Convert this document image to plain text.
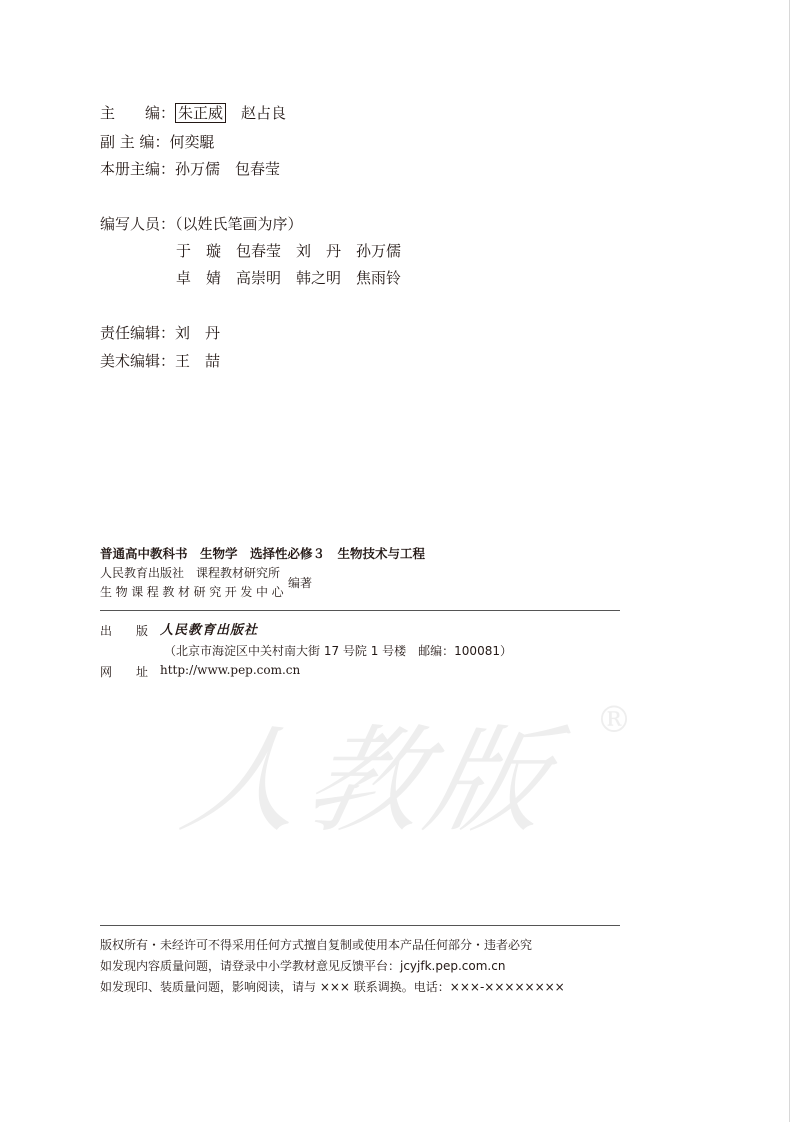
主　　编： 朱正威　 赵占良
副 主 编：何奕騉
本册主编：孙万儒　包春莹
编写人员：（以姓氏笔画为序）
于　璇　包春莹　刘　丹　孙万儒
卓　婧　高崇明　韩之明　焦雨铃
责任编辑：刘　丹
美术编辑：王　喆
普通高中教科书　生物学　选择性必修３　生物技术与工程
人民教育出版社　课程教材研究所
生物课程教材研究开发中心
编著
出　　版 人民教育出版社
（北京市海淀区中关村南大街 17 号院 1 号楼　邮编：100081）
网　　址 http://www.pep.com.cn
人教版 ®
版权所有・未经许可不得采用任何方式擅自复制或使用本产品任何部分・违者必究
如发现内容质量问题，请登录中小学教材意见反馈平台：jcyjfk.pep.com.cn
如发现印、装质量问题，影响阅读，请与 ××× 联系调换。电话：×××-××××××××
